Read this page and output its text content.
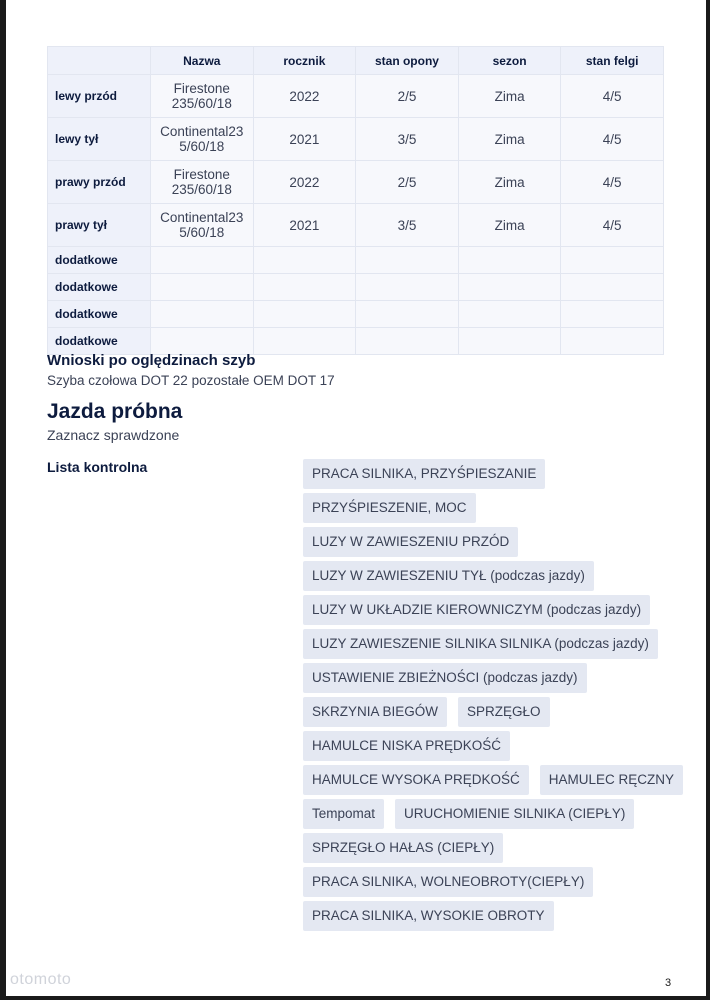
	Nazwa	rocznik	stan opony	sezon	stan felgi
lewy przód	Firestone 235/60/18	2022	2/5	Zima	4/5
lewy tył	Continental23 5/60/18	2021	3/5	Zima	4/5
prawy przód	Firestone 235/60/18	2022	2/5	Zima	4/5
prawy tył	Continental23 5/60/18	2021	3/5	Zima	4/5
dodatkowe					
dodatkowe					
dodatkowe					
dodatkowe					
Wnioski po oględzinach szyb
Szyba czołowa DOT 22 pozostałe OEM DOT 17
Jazda próbna
Zaznacz sprawdzone
Lista kontrolna	PRACA SILNIKA, PRZYŚPIESZANIE
PRZYŚPIESZENIE, MOC
LUZY W ZAWIESZENIU PRZÓD
LUZY W ZAWIESZENIU TYŁ (podczas jazdy)
LUZY W UKŁADZIE KIEROWNICZYM (podczas jazdy)
LUZY ZAWIESZENIE SILNIKA SILNIKA (podczas jazdy)
USTAWIENIE ZBIEŻNOŚCI (podczas jazdy)
SKRZYNIA BIEGÓW	SPRZĘGŁO
HAMULCE NISKA PRĘDKOŚĆ
HAMULCE WYSOKA PRĘDKOŚĆ	HAMULEC RĘCZNY
Tempomat	URUCHOMIENIE SILNIKA (CIEPŁY)
SPRZĘGŁO HAŁAS (CIEPŁY)
PRACA SILNIKA, WOLNEOBROTY(CIEPŁY)
PRACA SILNIKA, WYSOKIE OBROTY
otomoto	3
